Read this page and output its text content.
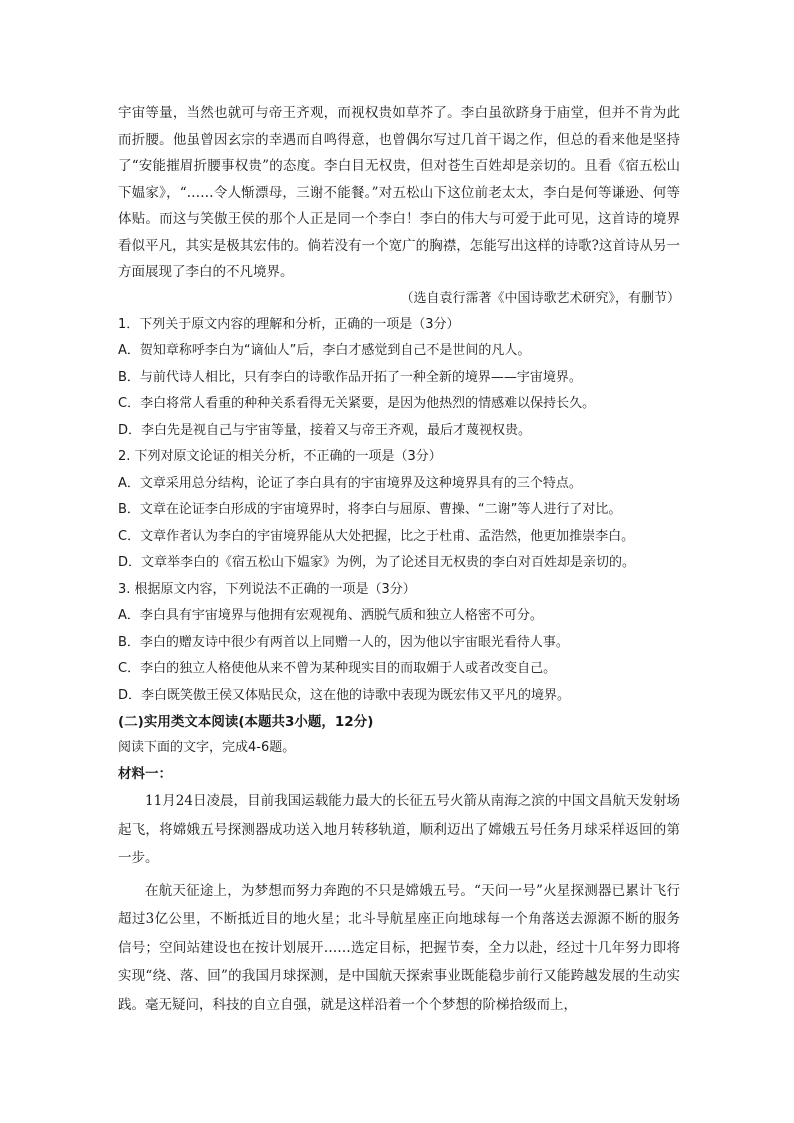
宇宙等量，当然也就可与帝王齐观，而视权贵如草芥了。李白虽欲跻身于庙堂，但并不肯为此而折腰。他虽曾因玄宗的幸遇而自鸣得意，也曾偶尔写过几首干谒之作，但总的看来他是坚持了“安能摧眉折腰事权贵”的态度。李白目无权贵，但对苍生百姓却是亲切的。且看《宿五松山下媪家》，“……令人惭漂母，三谢不能餐。”对五松山下这位前老太太，李白是何等谦逊、何等体贴。而这与笑傲王侯的那个人正是同一个李白！李白的伟大与可爱于此可见，这首诗的境界看似平凡，其实是极其宏伟的。倘若没有一个宽广的胸襟，怎能写出这样的诗歌?这首诗从另一方面展现了李白的不凡境界。

（选自袁行霈著《中国诗歌艺术研究》，有删节）

1．下列关于原文内容的理解和分析，正确的一项是（3分）

A．贺知章称呼李白为“谪仙人”后，李白才感觉到自己不是世间的凡人。

B．与前代诗人相比，只有李白的诗歌作品开拓了一种全新的境界——宇宙境界。

C．李白将常人看重的种种关系看得无关紧要，是因为他热烈的情感难以保持长久。

D．李白先是视自己与宇宙等量，接着又与帝王齐观，最后才蔑视权贵。

2. 下列对原文论证的相关分析，不正确的一项是（3分）

A．文章采用总分结构，论证了李白具有的宇宙境界及这种境界具有的三个特点。

B．文章在论证李白形成的宇宙境界时，将李白与屈原、曹操、“二谢”等人进行了对比。

C．文章作者认为李白的宇宙境界能从大处把握，比之于杜甫、孟浩然，他更加推崇李白。

D．文章举李白的《宿五松山下媪家》为例，为了论述目无权贵的李白对百姓却是亲切的。

3. 根据原文内容，下列说法不正确的一项是（3分）

A．李白具有宇宙境界与他拥有宏观视角、洒脱气质和独立人格密不可分。

B．李白的赠友诗中很少有两首以上同赠一人的，因为他以宇宙眼光看待人事。

C．李白的独立人格使他从来不曾为某种现实目的而取媚于人或者改变自己。

D．李白既笑傲王侯又体贴民众，这在他的诗歌中表现为既宏伟又平凡的境界。

(二)实用类文本阅读(本题共3小题，12分)

阅读下面的文字，完成4-6题。

材料一：

11月24日凌晨，目前我国运载能力最大的长征五号火箭从南海之滨的中国文昌航天发射场起飞，将嫦娥五号探测器成功送入地月转移轨道，顺利迈出了嫦娥五号任务月球采样返回的第一步。

在航天征途上，为梦想而努力奔跑的不只是嫦娥五号。“天问一号”火星探测器已累计飞行超过3亿公里，不断抵近目的地火星；北斗导航星座正向地球每一个角落送去源源不断的服务信号；空间站建设也在按计划展开……选定目标，把握节奏，全力以赴，经过十几年努力即将实现“绕、落、回”的我国月球探测，是中国航天探索事业既能稳步前行又能跨越发展的生动实践。毫无疑问，科技的自立自强，就是这样沿着一个个梦想的阶梯拾级而上，
